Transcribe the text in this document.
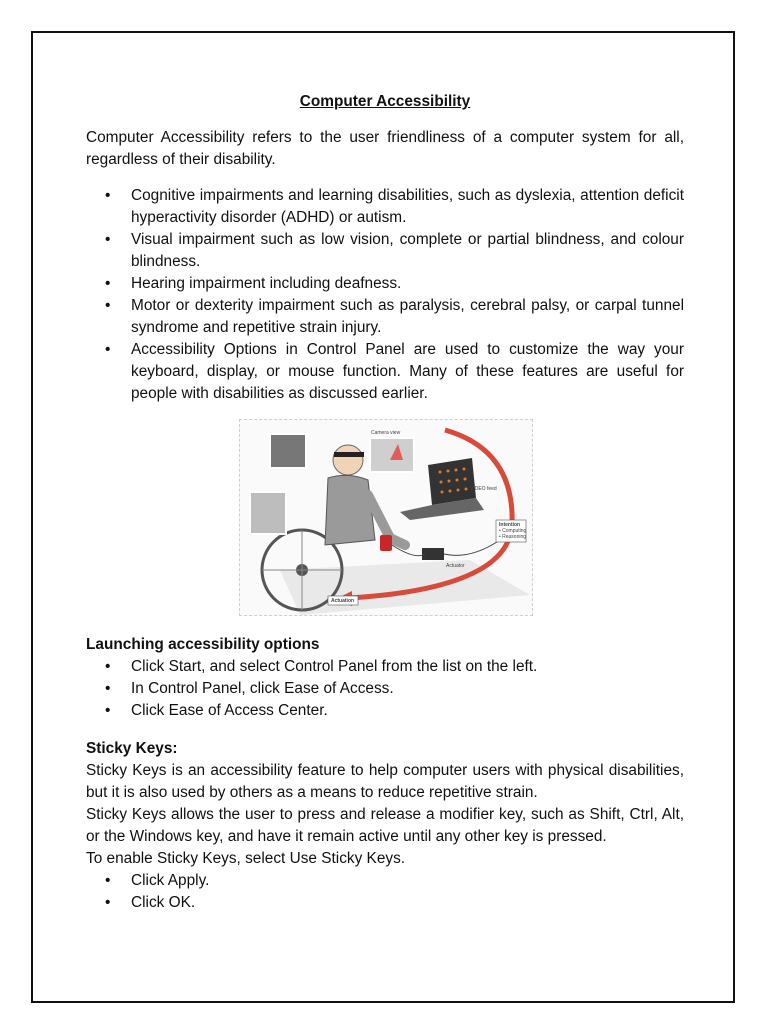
Computer Accessibility

Computer Accessibility refers to the user friendliness of a computer system for all, regardless of their disability.

• Cognitive impairments and learning disabilities, such as dyslexia, attention deficit hyperactivity disorder (ADHD) or autism.
• Visual impairment such as low vision, complete or partial blindness, and colour blindness.
• Hearing impairment including deafness.
• Motor or dexterity impairment such as paralysis, cerebral palsy, or carpal tunnel syndrome and repetitive strain injury.
• Accessibility Options in Control Panel are used to customize the way your keyboard, display, or mouse function. Many of these features are useful for people with disabilities as discussed earlier.
Camera view
VIDEO feed
Intention
• Computing
• Reasoning
Actuator
Actuation

Launching accessibility options

• Click Start, and select Control Panel from the list on the left.
• In Control Panel, click Ease of Access.
• Click Ease of Access Center.

Sticky Keys:

Sticky Keys is an accessibility feature to help computer users with physical disabilities, but it is also used by others as a means to reduce repetitive strain.

Sticky Keys allows the user to press and release a modifier key, such as Shift, Ctrl, Alt, or the Windows key, and have it remain active until any other key is pressed.

To enable Sticky Keys, select Use Sticky Keys.

• Click Apply.
• Click OK.
